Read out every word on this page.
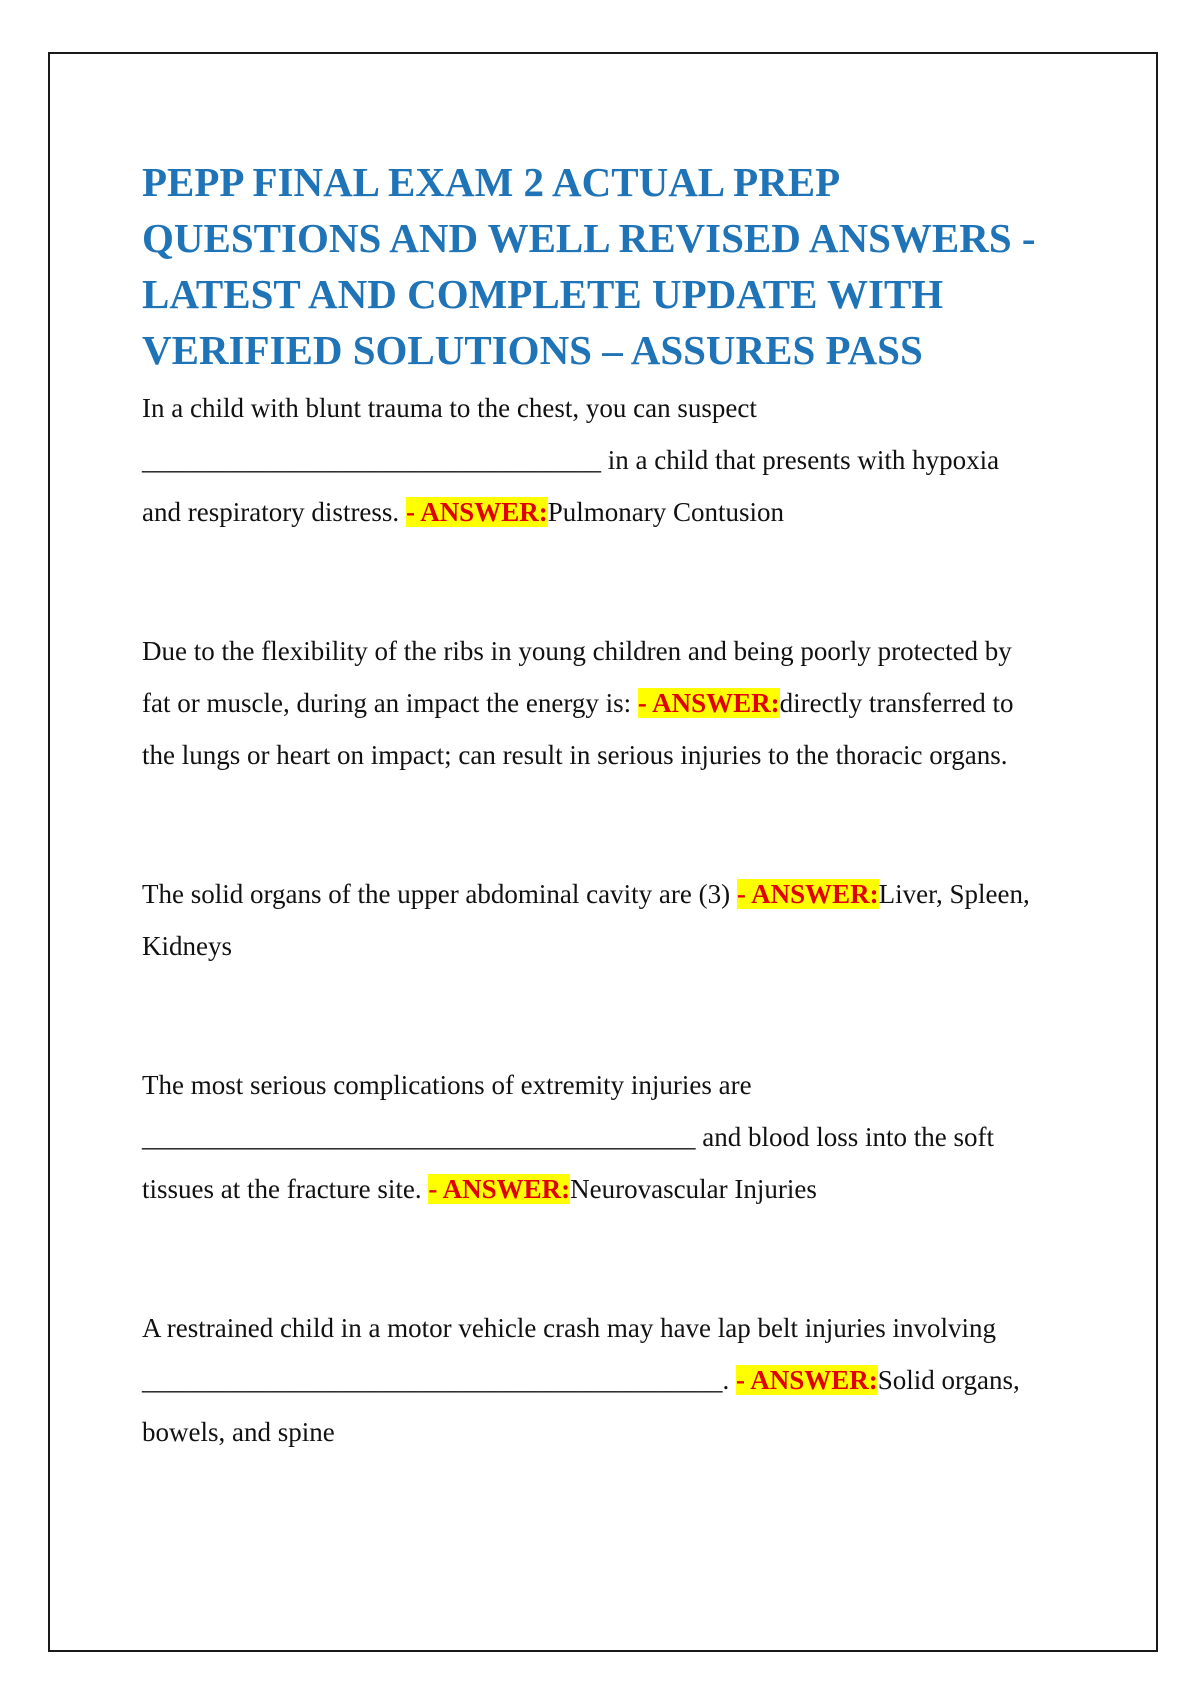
PEPP FINAL EXAM 2 ACTUAL PREP QUESTIONS AND WELL REVISED ANSWERS - LATEST AND COMPLETE UPDATE WITH VERIFIED SOLUTIONS – ASSURES PASS

In a child with blunt trauma to the chest, you can suspect
__________________________________ in a child that presents with hypoxia
and respiratory distress. - ANSWER:Pulmonary Contusion

Due to the flexibility of the ribs in young children and being poorly protected by
fat or muscle, during an impact the energy is: - ANSWER:directly transferred to
the lungs or heart on impact; can result in serious injuries to the thoracic organs.

The solid organs of the upper abdominal cavity are (3) - ANSWER:Liver, Spleen,
Kidneys

The most serious complications of extremity injuries are
_________________________________________ and blood loss into the soft
tissues at the fracture site. - ANSWER:Neurovascular Injuries

A restrained child in a motor vehicle crash may have lap belt injuries involving
___________________________________________. - ANSWER:Solid organs,
bowels, and spine
